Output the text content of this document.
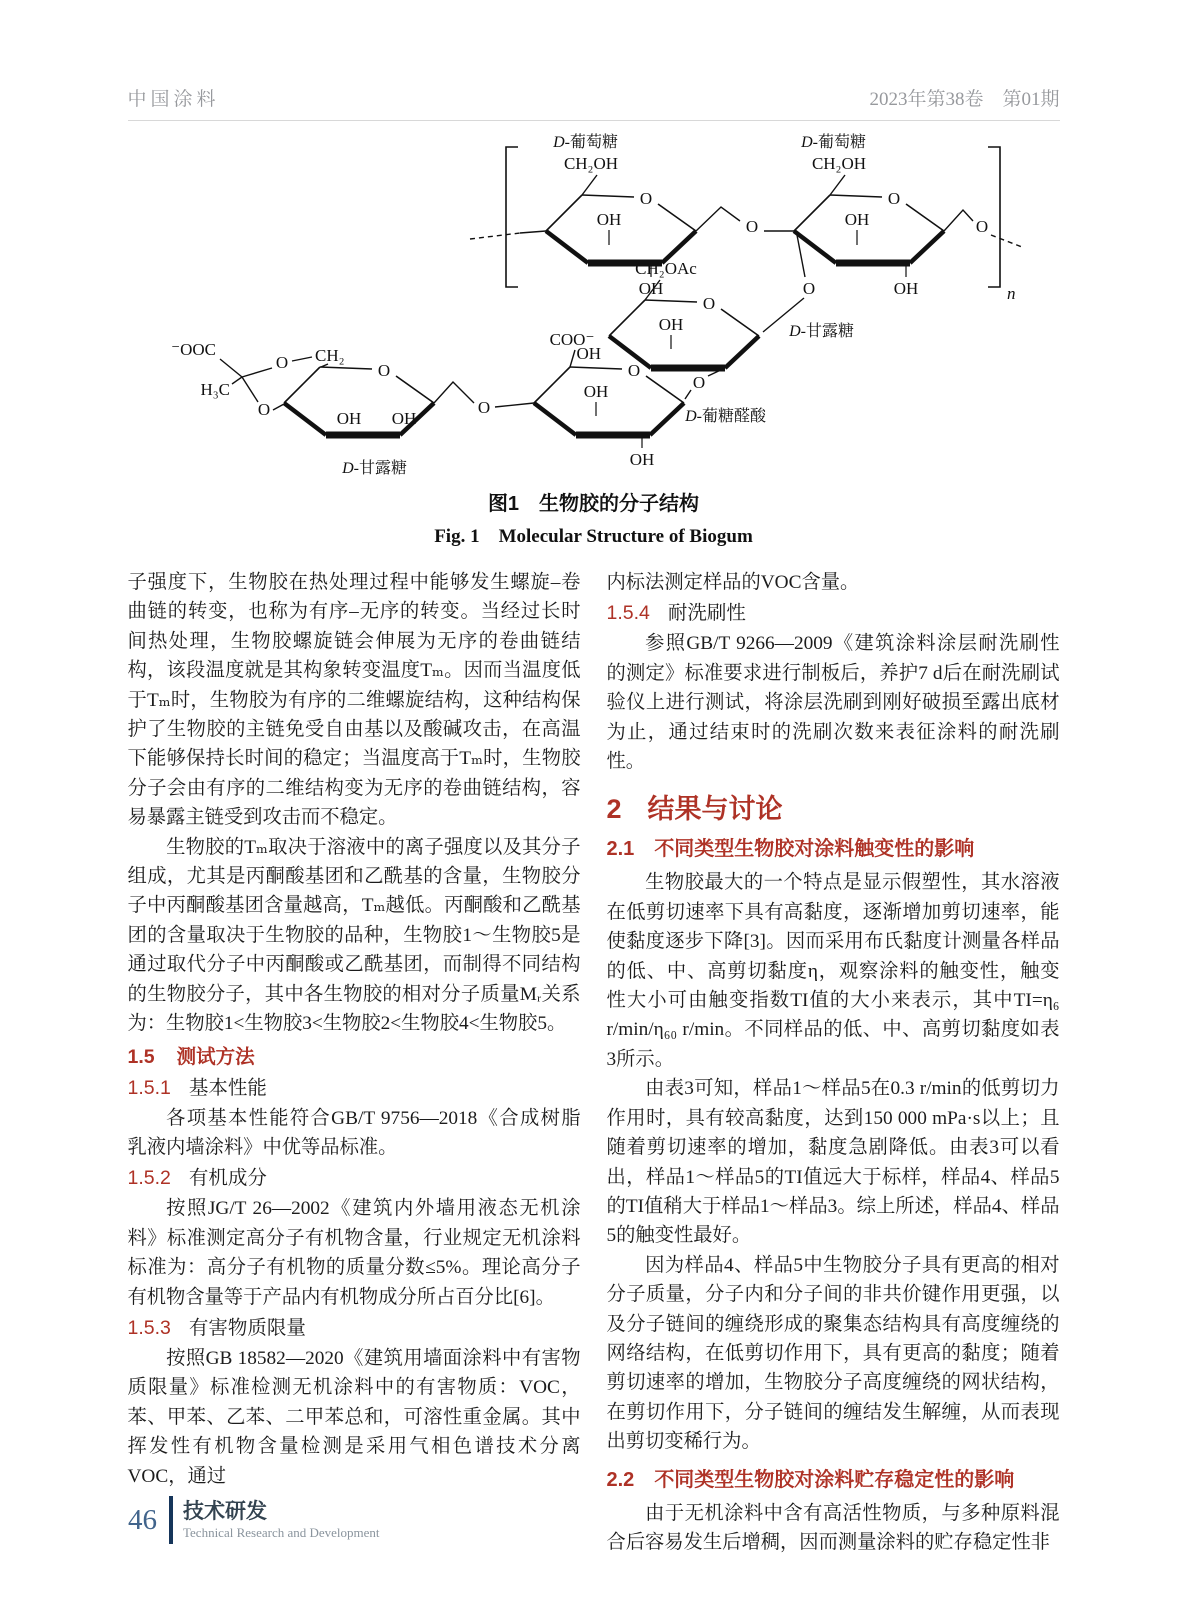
中国涂料	2023年第38卷　第01期
D- 葡萄糖
O
CH₂OH
OH
OH
O
D- 葡萄糖
O
CH₂OH
OH
OH
O
n
O
O
CH₂OAc
OH
OH
D- 甘露糖
O
O
COO⁻
OH
OH
D- 葡糖醛酸
O
O
OH OH
D- 甘露糖
⁻OOC
H₃C
O CH₂
O
图1　生物胶的分子结构
Fig. 1　Molecular Structure of Biogum

子强度下，生物胶在热处理过程中能够发生螺旋–卷曲链的转变，也称为有序–无序的转变。当经过长时间热处理，生物胶螺旋链会伸展为无序的卷曲链结构，该段温度就是其构象转变温度Tₘ。因而当温度低于Tₘ时，生物胶为有序的二维螺旋结构，这种结构保护了生物胶的主链免受自由基以及酸碱攻击，在高温下能够保持长时间的稳定；当温度高于Tₘ时，生物胶分子会由有序的二维结构变为无序的卷曲链结构，容易暴露主链受到攻击而不稳定。

生物胶的Tₘ取决于溶液中的离子强度以及其分子组成，尤其是丙酮酸基团和乙酰基的含量，生物胶分子中丙酮酸基团含量越高，Tₘ越低。丙酮酸和乙酰基团的含量取决于生物胶的品种，生物胶1～生物胶5是通过取代分子中丙酮酸或乙酰基团，而制得不同结构的生物胶分子，其中各生物胶的相对分子质量Mᵣ关系为：生物胶1<生物胶3<生物胶2<生物胶4<生物胶5。

1.5 测试方法
1.5.1 基本性能

各项基本性能符合GB/T 9756—2018《合成树脂乳液内墙涂料》中优等品标准。

1.5.2 有机成分

按照JG/T 26—2002《建筑内外墙用液态无机涂料》标准测定高分子有机物含量，行业规定无机涂料标准为：高分子有机物的质量分数≤5%。理论高分子有机物含量等于产品内有机物成分所占百分比[6]。

1.5.3 有害物质限量

按照GB 18582—2020《建筑用墙面涂料中有害物质限量》标准检测无机涂料中的有害物质：VOC，苯、甲苯、乙苯、二甲苯总和，可溶性重金属。其中挥发性有机物含量检测是采用气相色谱技术分离VOC，通过

内标法测定样品的VOC含量。

1.5.4 耐洗刷性

参照GB/T 9266—2009《建筑涂料涂层耐洗刷性的测定》标准要求进行制板后，养护7 d后在耐洗刷试验仪上进行测试，将涂层洗刷到刚好破损至露出底材为止，通过结束时的洗刷次数来表征涂料的耐洗刷性。

2 结果与讨论
2.1 不同类型生物胶对涂料触变性的影响

生物胶最大的一个特点是显示假塑性，其水溶液在低剪切速率下具有高黏度，逐渐增加剪切速率，能使黏度逐步下降[3]。因而采用布氏黏度计测量各样品的低、中、高剪切黏度η，观察涂料的触变性，触变性大小可由触变指数TI值的大小来表示，其中TI=η₆ r/min/η₆₀ r/min。不同样品的低、中、高剪切黏度如表3所示。

由表3可知，样品1～样品5在0.3 r/min的低剪切力作用时，具有较高黏度，达到150 000 mPa·s以上；且随着剪切速率的增加，黏度急剧降低。由表3可以看出，样品1～样品5的TI值远大于标样，样品4、样品5的TI值稍大于样品1～样品3。综上所述，样品4、样品5的触变性最好。

因为样品4、样品5中生物胶分子具有更高的相对分子质量，分子内和分子间的非共价键作用更强，以及分子链间的缠绕形成的聚集态结构具有高度缠绕的网络结构，在低剪切作用下，具有更高的黏度；随着剪切速率的增加，生物胶分子高度缠绕的网状结构，在剪切作用下，分子链间的缠结发生解缠，从而表现出剪切变稀行为。

2.2 不同类型生物胶对涂料贮存稳定性的影响

由于无机涂料中含有高活性物质，与多种原料混合后容易发生后增稠，因而测量涂料的贮存稳定性非

46 技术研发
Technical Research and Development
